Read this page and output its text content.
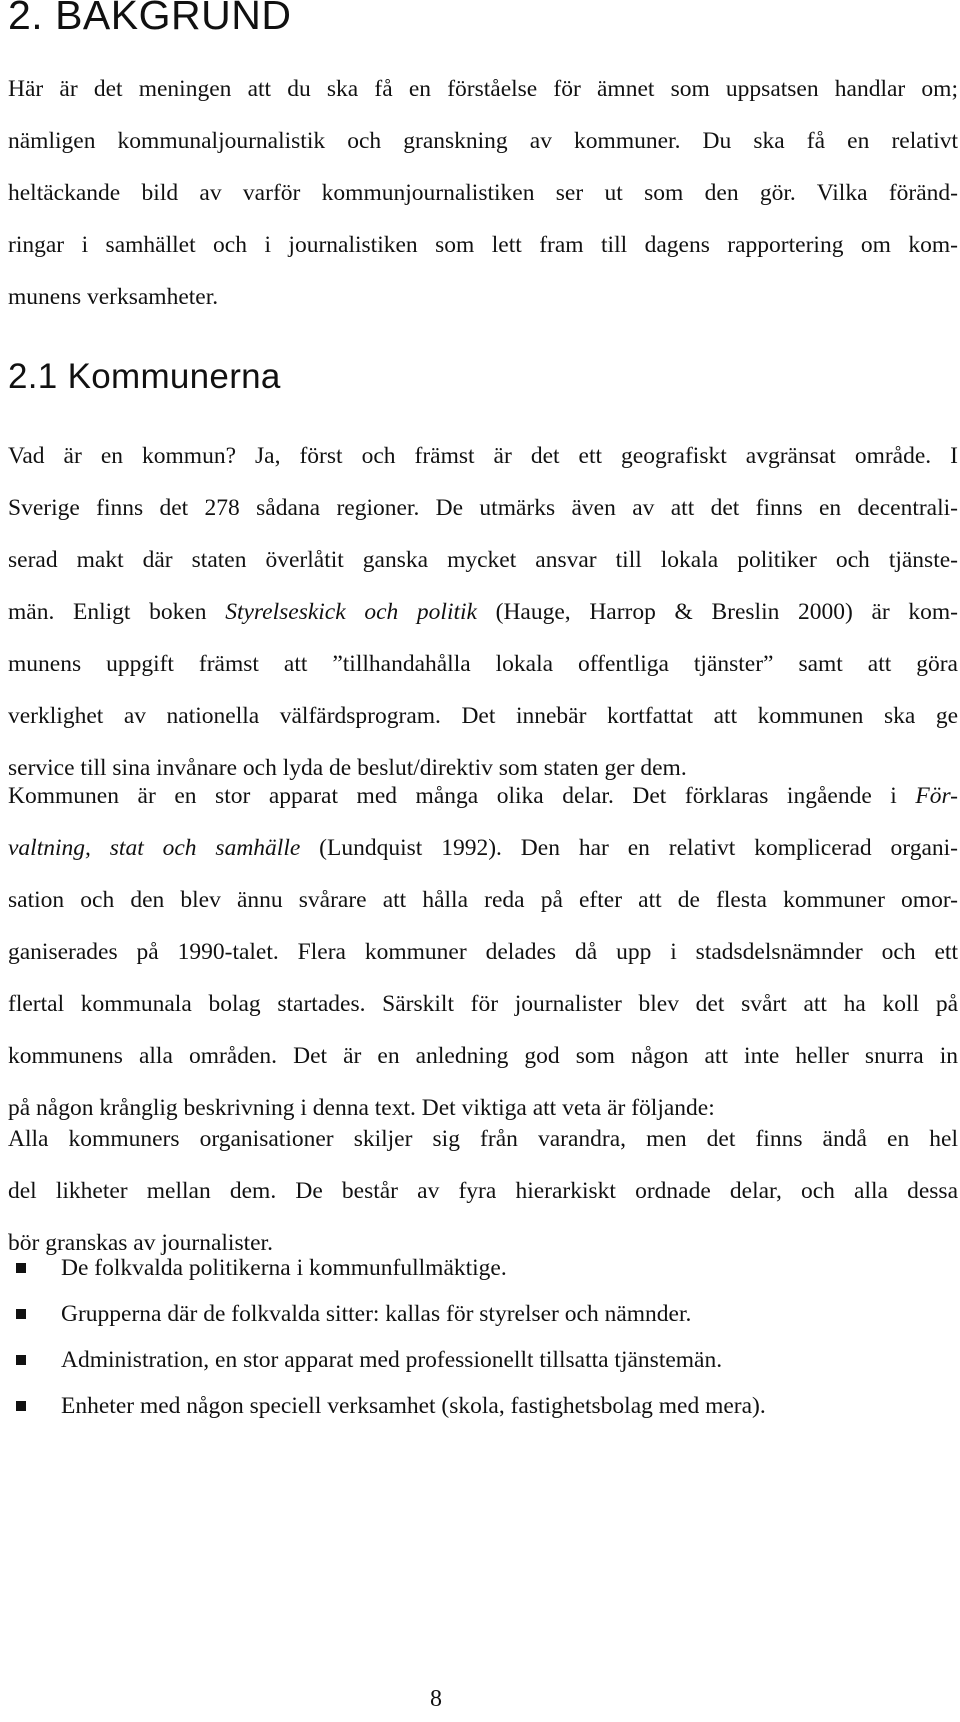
2. BAKGRUND
Här är det meningen att du ska få en förståelse för ämnet som uppsatsen handlar om;
nämligen kommunaljournalistik och granskning av kommuner. Du ska få en relativt
heltäckande bild av varför kommunjournalistiken ser ut som den gör. Vilka föränd-
ringar i samhället och i journalistiken som lett fram till dagens rapportering om kom-
munens verksamheter.
2.1 Kommunerna
Vad är en kommun? Ja, först och främst är det ett geografiskt avgränsat område. I
Sverige finns det 278 sådana regioner. De utmärks även av att det finns en decentrali-
serad makt där staten överlåtit ganska mycket ansvar till lokala politiker och tjänste-
män. Enligt boken Styrelseskick och politik (Hauge, Harrop & Breslin 2000) är kom-
munens uppgift främst att ”tillhandahålla lokala offentliga tjänster” samt att göra
verklighet av nationella välfärdsprogram. Det innebär kortfattat att kommunen ska ge
service till sina invånare och lyda de beslut/direktiv som staten ger dem.
Kommunen är en stor apparat med många olika delar. Det förklaras ingående i För-
valtning, stat och samhälle (Lundquist 1992). Den har en relativt komplicerad organi-
sation och den blev ännu svårare att hålla reda på efter att de flesta kommuner omor-
ganiserades på 1990-talet. Flera kommuner delades då upp i stadsdelsnämnder och ett
flertal kommunala bolag startades. Särskilt för journalister blev det svårt att ha koll på
kommunens alla områden. Det är en anledning god som någon att inte heller snurra in
på någon krånglig beskrivning i denna text. Det viktiga att veta är följande:
Alla kommuners organisationer skiljer sig från varandra, men det finns ändå en hel
del likheter mellan dem. De består av fyra hierarkiskt ordnade delar, och alla dessa
bör granskas av journalister.
De folkvalda politikerna i kommunfullmäktige.
Grupperna där de folkvalda sitter: kallas för styrelser och nämnder.
Administration, en stor apparat med professionellt tillsatta tjänstemän.
Enheter med någon speciell verksamhet (skola, fastighetsbolag med mera).
8
